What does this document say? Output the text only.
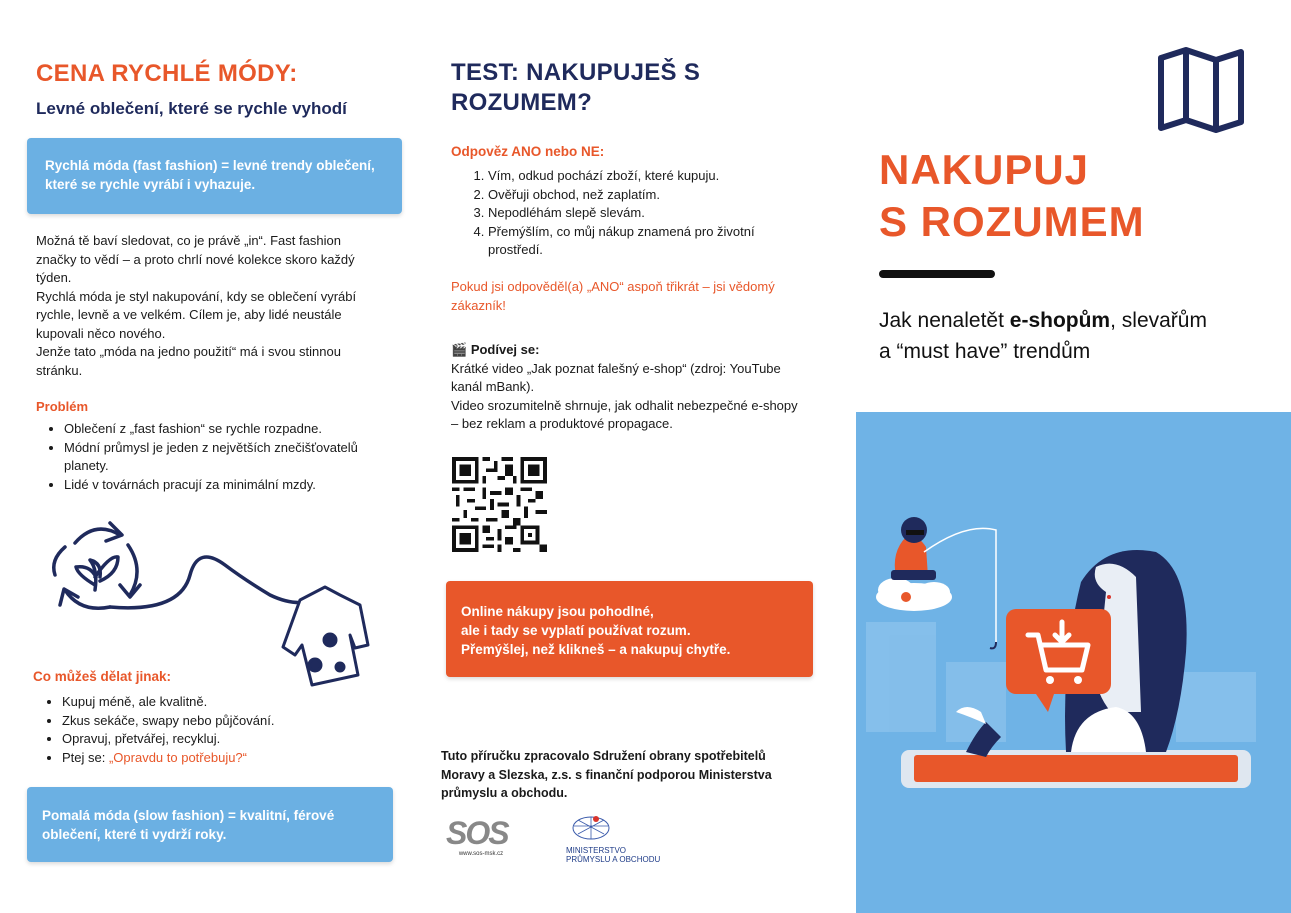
CENA RYCHLÉ MÓDY:
Levné oblečení, které se rychle vyhodí
Rychlá móda (fast fashion) = levné trendy oblečení, které se rychle vyrábí i vyhazuje.
Možná tě baví sledovat, co je právě „in“. Fast fashion značky to vědí – a proto chrlí nové kolekce skoro každý týden.
Rychlá móda je styl nakupování, kdy se oblečení vyrábí rychle, levně a ve velkém. Cílem je, aby lidé neustále kupovali něco nového.
Jenže tato „móda na jedno použití“ má i svou stinnou stránku.
Problém
• Oblečení z „fast fashion“ se rychle rozpadne.
• Módní průmysl je jeden z největších znečišťovatelů planety.
• Lidé v továrnách pracují za minimální mzdy.
Co můžeš dělat jinak:
• Kupuj méně, ale kvalitně.
• Zkus sekáče, swapy nebo půjčování.
• Opravuj, přetvářej, recykluj.
• Ptej se: „Opravdu to potřebuju?“
Pomalá móda (slow fashion) = kvalitní, férové oblečení, které ti vydrží roky.
TEST: NAKUPUJEŠ S ROZUMEM?
Odpověz ANO nebo NE:
1. Vím, odkud pochází zboží, které kupuju.
2. Ověřuji obchod, než zaplatím.
3. Nepodléhám slepě slevám.
4. Přemýšlím, co můj nákup znamená pro životní prostředí.
Pokud jsi odpověděl(a) „ANO“ aspoň třikrát – jsi vědomý zákazník!
🎬 Podívej se:
Krátké video „Jak poznat falešný e-shop“ (zdroj: YouTube kanál mBank).
Video srozumitelně shrnuje, jak odhalit nebezpečné e-shopy – bez reklam a produktové propagace.
Online nákupy jsou pohodlné,
ale i tady se vyplatí používat rozum.
Přemýšlej, než klikneš – a nakupuj chytře.
Tuto příručku zpracovalo Sdružení obrany spotřebitelů Moravy a Slezska, z.s. s finanční podporou Ministerstva průmyslu a obchodu.
SOS
www.sos-msk.cz	MINISTERSTVO
PRŮMYSLU A OBCHODU
NAKUPUJ
S ROZUMEM
Jak nenaletět e-shopům, slevařům
a “must have” trendům
